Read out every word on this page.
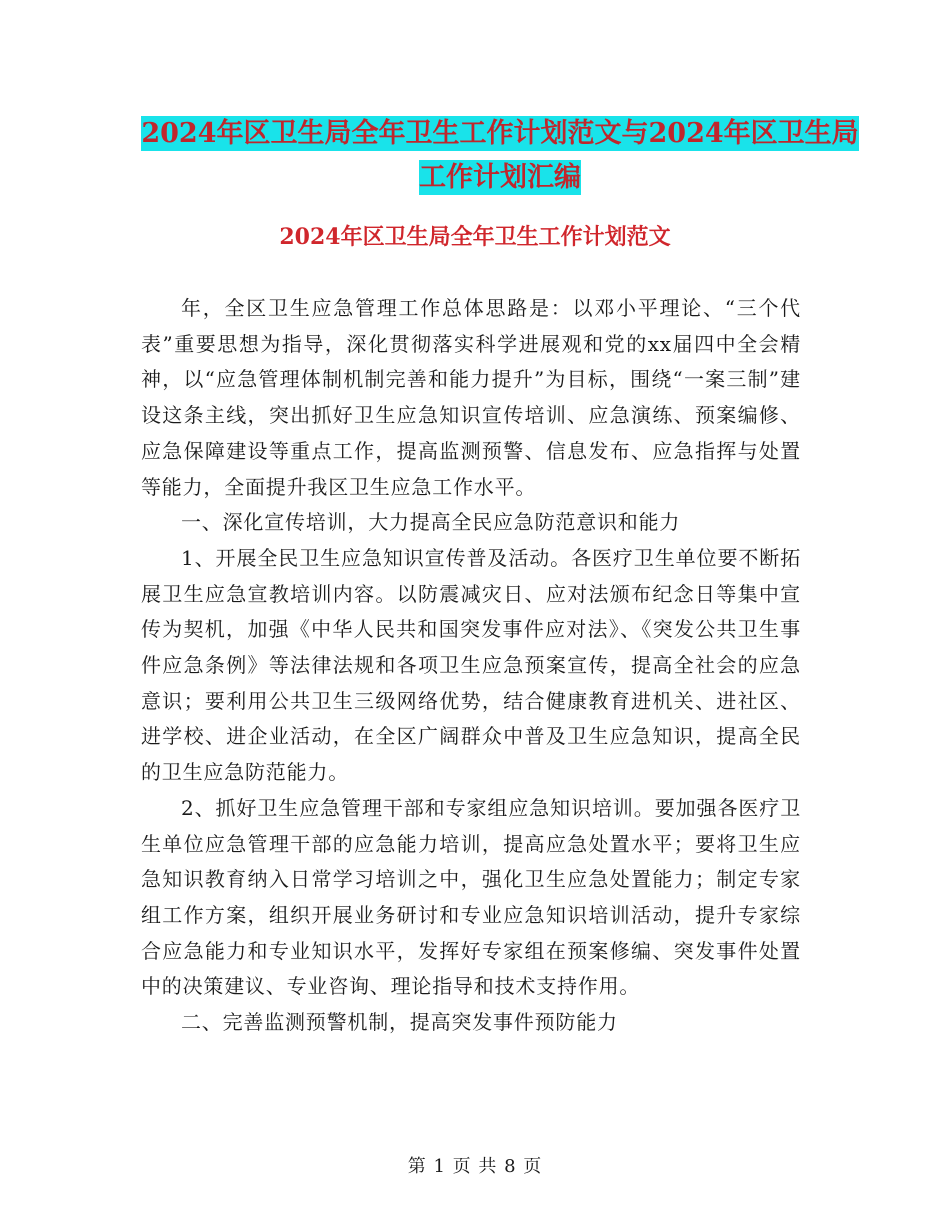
2024年区卫生局全年卫生工作计划范文与2024年区卫生局工作计划汇编
2024年区卫生局全年卫生工作计划范文

年，全区卫生应急管理工作总体思路是：以邓小平理论、“三个代表”重要思想为指导，深化贯彻落实科学进展观和党的xx届四中全会精神，以“应急管理体制机制完善和能力提升”为目标，围绕“一案三制”建设这条主线，突出抓好卫生应急知识宣传培训、应急演练、预案编修、应急保障建设等重点工作，提高监测预警、信息发布、应急指挥与处置等能力，全面提升我区卫生应急工作水平。

一、深化宣传培训，大力提高全民应急防范意识和能力

1、开展全民卫生应急知识宣传普及活动。各医疗卫生单位要不断拓展卫生应急宣教培训内容。以防震减灾日、应对法颁布纪念日等集中宣传为契机，加强《中华人民共和国突发事件应对法》、《突发公共卫生事件应急条例》等法律法规和各项卫生应急预案宣传，提高全社会的应急意识；要利用公共卫生三级网络优势，结合健康教育进机关、进社区、进学校、进企业活动，在全区广阔群众中普及卫生应急知识，提高全民的卫生应急防范能力。

2、抓好卫生应急管理干部和专家组应急知识培训。要加强各医疗卫生单位应急管理干部的应急能力培训，提高应急处置水平；要将卫生应急知识教育纳入日常学习培训之中，强化卫生应急处置能力；制定专家组工作方案，组织开展业务研讨和专业应急知识培训活动，提升专家综合应急能力和专业知识水平，发挥好专家组在预案修编、突发事件处置中的决策建议、专业咨询、理论指导和技术支持作用。

二、完善监测预警机制，提高突发事件预防能力

第 1 页 共 8 页
